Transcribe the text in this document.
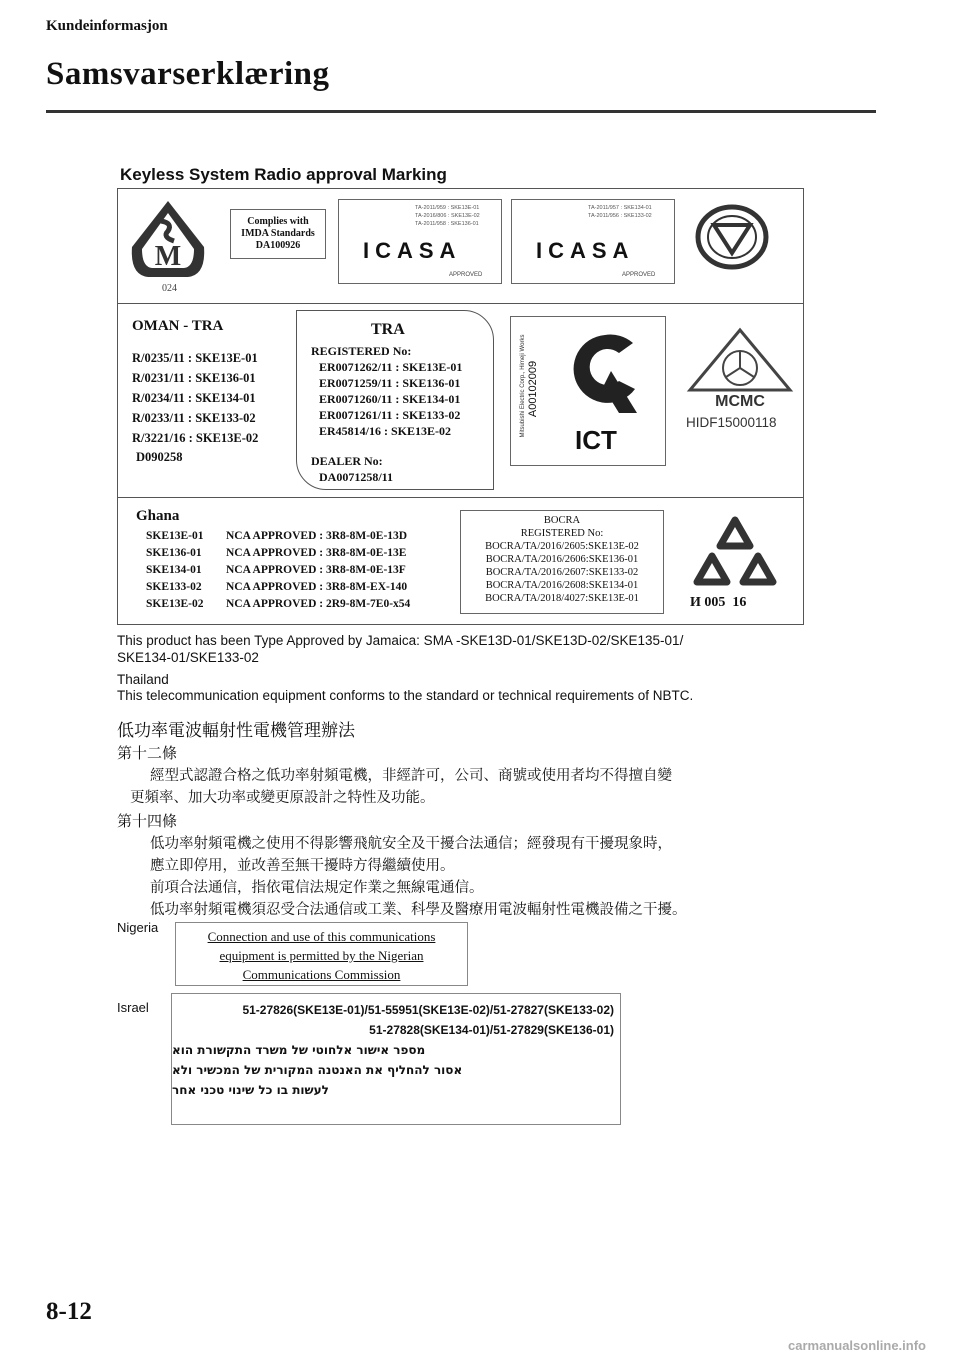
Kundeinformasjon
Samsvarserklæring
Keyless System Radio approval Marking
M
024
Complies with
IMDA Standards
DA100926
TA-2011/959 : SKE13E-01
TA-2016/806 : SKE13E-02
TA-2011/958 : SKE136-01
ICASA
APPROVED
TA-2011/957 : SKE134-01
TA-2011/956 : SKE133-02
ICASA
APPROVED
OMAN - TRA
R/0235/11 : SKE13E-01
R/0231/11 : SKE136-01
R/0234/11 : SKE134-01
R/0233/11 : SKE133-02
R/3221/16 : SKE13E-02
D090258
TRA
REGISTERED No:
ER0071262/11 : SKE13E-01
ER0071259/11 : SKE136-01
ER0071260/11 : SKE134-01
ER0071261/11 : SKE133-02
ER45814/16 : SKE13E-02
DEALER No:
DA0071258/11
Mitsubishi Electric Corp., Himeji Works A00102009
ICT
MCMC
HIDF15000118
Ghana
SKE13E-01	NCA APPROVED : 3R8-8M-0E-13D
SKE136-01	NCA APPROVED : 3R8-8M-0E-13E
SKE134-01	NCA APPROVED : 3R8-8M-0E-13F
SKE133-02	NCA APPROVED : 3R8-8M-EX-140
SKE13E-02	NCA APPROVED : 2R9-8M-7E0-x54
BOCRA
REGISTERED No:
BOCRA/TA/2016/2605:SKE13E-02
BOCRA/TA/2016/2606:SKE136-01
BOCRA/TA/2016/2607:SKE133-02
BOCRA/TA/2016/2608:SKE134-01
BOCRA/TA/2018/4027:SKE13E-01	И 005  16
This product has been Type Approved by Jamaica: SMA -SKE13D-01/SKE13D-02/SKE135-01/
SKE134-01/SKE133-02
Thailand
This telecommunication equipment conforms to the standard or technical requirements of NBTC.
低功率電波輻射性電機管理辦法
第十二條
經型式認證合格之低功率射頻電機，非經許可，公司、商號或使用者均不得擅自變
更頻率、加大功率或變更原設計之特性及功能。
第十四條
低功率射頻電機之使用不得影響飛航安全及干擾合法通信；經發現有干擾現象時，
應立即停用，並改善至無干擾時方得繼續使用。
前項合法通信，指依電信法規定作業之無線電通信。
低功率射頻電機須忍受合法通信或工業、科學及醫療用電波輻射性電機設備之干擾。
Nigeria
Connection and use of this communications
equipment is permitted by the Nigerian
Communications Commission
Israel	51-27826(SKE13E-01)/51-55951(SKE13E-02)/51-27827(SKE133-02)
51-27828(SKE134-01)/51-27829(SKE136-01)
מספר אישור אלחוטי של משרד התקשורת הוא
אסור להחליף את האנטנה המקורית של המכשיר ולא
לעשות בו כל שינוי טכני אחר
8-12
carmanualsonline.info
